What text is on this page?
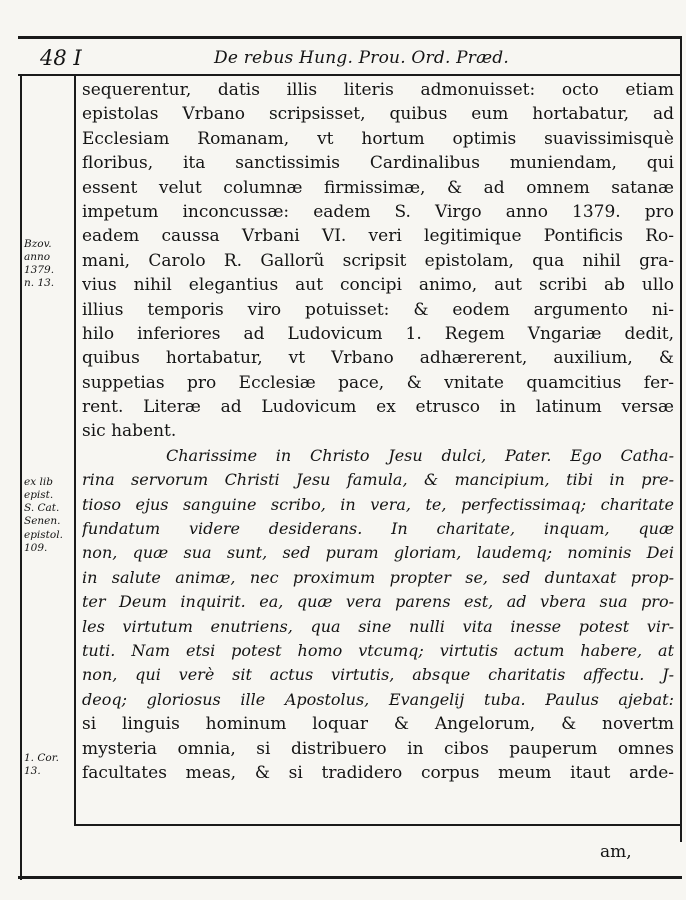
48 I	De rebus Hung. Prou. Ord. Præd.
Bzov.
anno
1379.
n. 13.
ex lib
epist.
S. Cat.
Senen.
epistol.
109.
1. Cor.
13.
sequerentur, datis illis literis admonuisset: octo etiam
epistolas Vrbano scripsisset, quibus eum hortabatur, ad
Ecclesiam Romanam, vt hortum optimis suavissimisquè
floribus, ita sanctissimis Cardinalibus muniendam, qui
essent velut columnæ firmissimæ, & ad omnem satanæ
impetum inconcussæ: eadem S. Virgo anno 1379. pro
eadem caussa Vrbani VI. veri legitimique Pontificis Ro-
mani, Carolo R. Gallorũ scripsit epistolam, qua nihil gra-
vius nihil elegantius aut concipi animo, aut scribi ab ullo
illius temporis viro potuisset: & eodem argumento ni-
hilo inferiores ad Ludovicum 1. Regem Vngariæ dedit,
quibus hortabatur, vt Vrbano adhærerent, auxilium, &
suppetias pro Ecclesiæ pace, & vnitate quamcitius fer-
rent. Literæ ad Ludovicum ex etrusco in latinum versæ
sic habent.
Charissime in Christo Jesu dulci, Pater. Ego Catha-
rina servorum Christi Jesu famula, & mancipium, tibi in pre-
tioso ejus sanguine scribo, in vera, te, perfectissimaq; charitate
fundatum videre desiderans. In charitate, inquam, quæ
non, quæ sua sunt, sed puram gloriam, laudemq; nominis Dei
in salute animæ, nec proximum propter se, sed duntaxat prop-
ter Deum inquirit. ea, quæ vera parens est, ad vbera sua pro-
les virtutum enutriens, qua sine nulli vita inesse potest vir-
tuti. Nam etsi potest homo vtcumq; virtutis actum habere, at
non, qui verè sit actus virtutis, absque charitatis affectu. J-
deoq; gloriosus ille Apostolus, Evangelij tuba. Paulus ajebat:
si linguis hominum loquar & Angelorum, & novertm
mysteria omnia, si distribuero in cibos pauperum omnes
facultates meas, & si tradidero corpus meum itaut arde-
am,
